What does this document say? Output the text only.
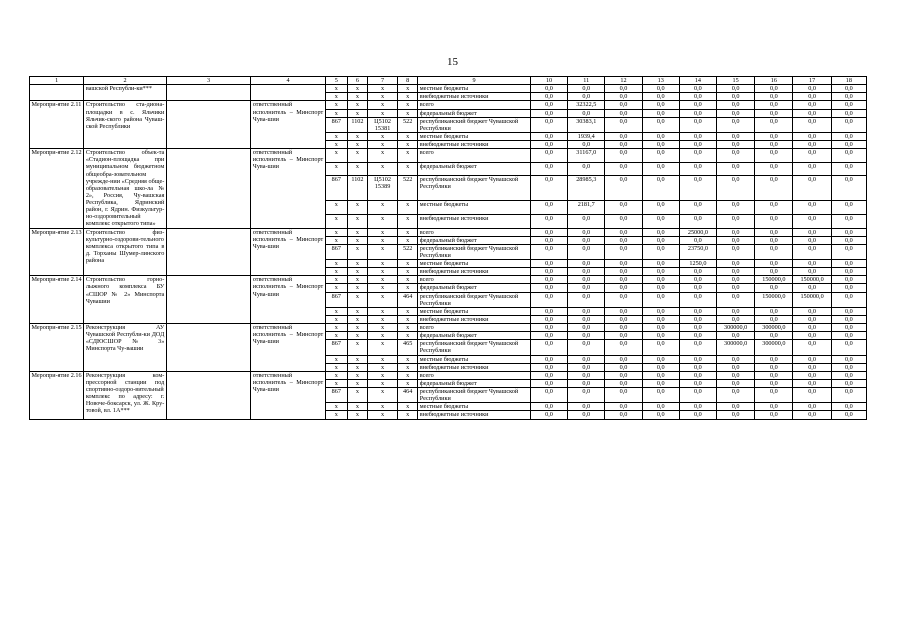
15
1	2	3	4	5	6	7	8	9	10	11	12	13	14	15	16	17	18
	вашской Республи-ки***			x	x	x	x	местные бюджеты	0,0	0,0	0,0	0,0	0,0	0,0	0,0	0,0	0,0
				x	x	x	x	внебюджетные источники	0,0	0,0	0,0	0,0	0,0	0,0	0,0	0,0	0,0
Меропри-ятие 2.11	Строительство ста-диона-площадки в с. Яльчики Яльчик-ского района Чуваш-ской Республики		ответственный исполнитель – Минспорт Чува-шии	x	x	x	x	всего	0,0	32322,5	0,0	0,0	0,0	0,0	0,0	0,0	0,0
				x	x	x	x	федеральный бюджет	0,0	0,0	0,0	0,0	0,0	0,0	0,0	0,0	0,0
				867	1102	Ц5102 15381	522	республиканский бюджет Чувашской Республики	0,0	30383,1	0,0	0,0	0,0	0,0	0,0	0,0	0,0
				x	x	x	x	местные бюджеты	0,0	1939,4	0,0	0,0	0,0	0,0	0,0	0,0	0,0
				x	x	x	x	внебюджетные источники	0,0	0,0	0,0	0,0	0,0	0,0	0,0	0,0	0,0
Меропри-ятие 2.12	Строительство объек-та «Стадион-площадка при муниципальном бюджетном общеобра-зовательном учрежде-нии «Средняя обще-образовательная шко-ла № 2», Россия, Чу-вашская Республика, Ядринский район, г. Ядрин. Физкультур-но-оздоровительный комплекс открытого типа»		ответственный исполнитель – Минспорт Чува-шии	x	x	x	x	всего	0,0	31167,0	0,0	0,0	0,0	0,0	0,0	0,0	0,0
				x	x	x	x	федеральный бюджет	0,0	0,0	0,0	0,0	0,0	0,0	0,0	0,0	0,0
				867	1102	Ц5102 15389	522	республиканский бюджет Чувашской Республики	0,0	28985,3	0,0	0,0	0,0	0,0	0,0	0,0	0,0
				x	x	x	x	местные бюджеты	0,0	2181,7	0,0	0,0	0,0	0,0	0,0	0,0	0,0
				x	x	x	x	внебюджетные источники	0,0	0,0	0,0	0,0	0,0	0,0	0,0	0,0	0,0
Меропри-ятие 2.13	Строительство физ-культурно-оздорови-тельного комплекса открытого типа в д. Торханы Шумер-линского района		ответственный исполнитель – Минспорт Чува-шии	x	x	x	x	всего	0,0	0,0	0,0	0,0	25000,0	0,0	0,0	0,0	0,0
				x	x	x	x	федеральный бюджет	0,0	0,0	0,0	0,0	0,0	0,0	0,0	0,0	0,0
				867	x	x	522	республиканский бюджет Чувашской Республики	0,0	0,0	0,0	0,0	23750,0	0,0	0,0	0,0	0,0
				x	x	x	x	местные бюджеты	0,0	0,0	0,0	0,0	1250,0	0,0	0,0	0,0	0,0
				x	x	x	x	внебюджетные источники	0,0	0,0	0,0	0,0	0,0	0,0	0,0	0,0	0,0
Меропри-ятие 2.14	Строительство горно-лыжного комплекса БУ «СШОР № 2» Минспорта Чувашии		ответственный исполнитель – Минспорт Чува-шии	x	x	x	x	всего	0,0	0,0	0,0	0,0	0,0	0,0	150000,0	150000,0	0,0
				x	x	x	x	федеральный бюджет	0,0	0,0	0,0	0,0	0,0	0,0	0,0	0,0	0,0
				867	x	x	464	республиканский бюджет Чувашской Республики	0,0	0,0	0,0	0,0	0,0	0,0	150000,0	150000,0	0,0
				x	x	x	x	местные бюджеты	0,0	0,0	0,0	0,0	0,0	0,0	0,0	0,0	0,0
				x	x	x	x	внебюджетные источники	0,0	0,0	0,0	0,0	0,0	0,0	0,0	0,0	0,0
Меропри-ятие 2.15	Реконструкция АУ Чувашской Республи-ки ДОД «СДЮСШОР № 3» Минспорта Чу-вашии		ответственный исполнитель – Минспорт Чува-шии	x	x	x	x	всего	0,0	0,0	0,0	0,0	0,0	300000,0	300000,0	0,0	0,0
				x	x	x	x	федеральный бюджет	0,0	0,0	0,0	0,0	0,0	0,0	0,0	0,0	0,0
				867	x	x	465	республиканский бюджет Чувашской Республики	0,0	0,0	0,0	0,0	0,0	300000,0	300000,0	0,0	0,0
				x	x	x	x	местные бюджеты	0,0	0,0	0,0	0,0	0,0	0,0	0,0	0,0	0,0
				x	x	x	x	внебюджетные источники	0,0	0,0	0,0	0,0	0,0	0,0	0,0	0,0	0,0
Меропри-ятие 2.16	Реконструкция ком-прессорной станции под спортивно-оздоро-вительный комплекс по адресу: г. Новоче-боксарск, ул. Ж. Кру-товой, вл. 1А***		ответственный исполнитель – Минспорт Чува-шии	x	x	x	x	всего	0,0	0,0	0,0	0,0	0,0	0,0	0,0	0,0	0,0
				x	x	x	x	федеральный бюджет	0,0	0,0	0,0	0,0	0,0	0,0	0,0	0,0	0,0
				867	x	x	464	республиканский бюджет Чувашской Республики	0,0	0,0	0,0	0,0	0,0	0,0	0,0	0,0	0,0
				x	x	x	x	местные бюджеты	0,0	0,0	0,0	0,0	0,0	0,0	0,0	0,0	0,0
				x	x	x	x	внебюджетные источники	0,0	0,0	0,0	0,0	0,0	0,0	0,0	0,0	0,0
